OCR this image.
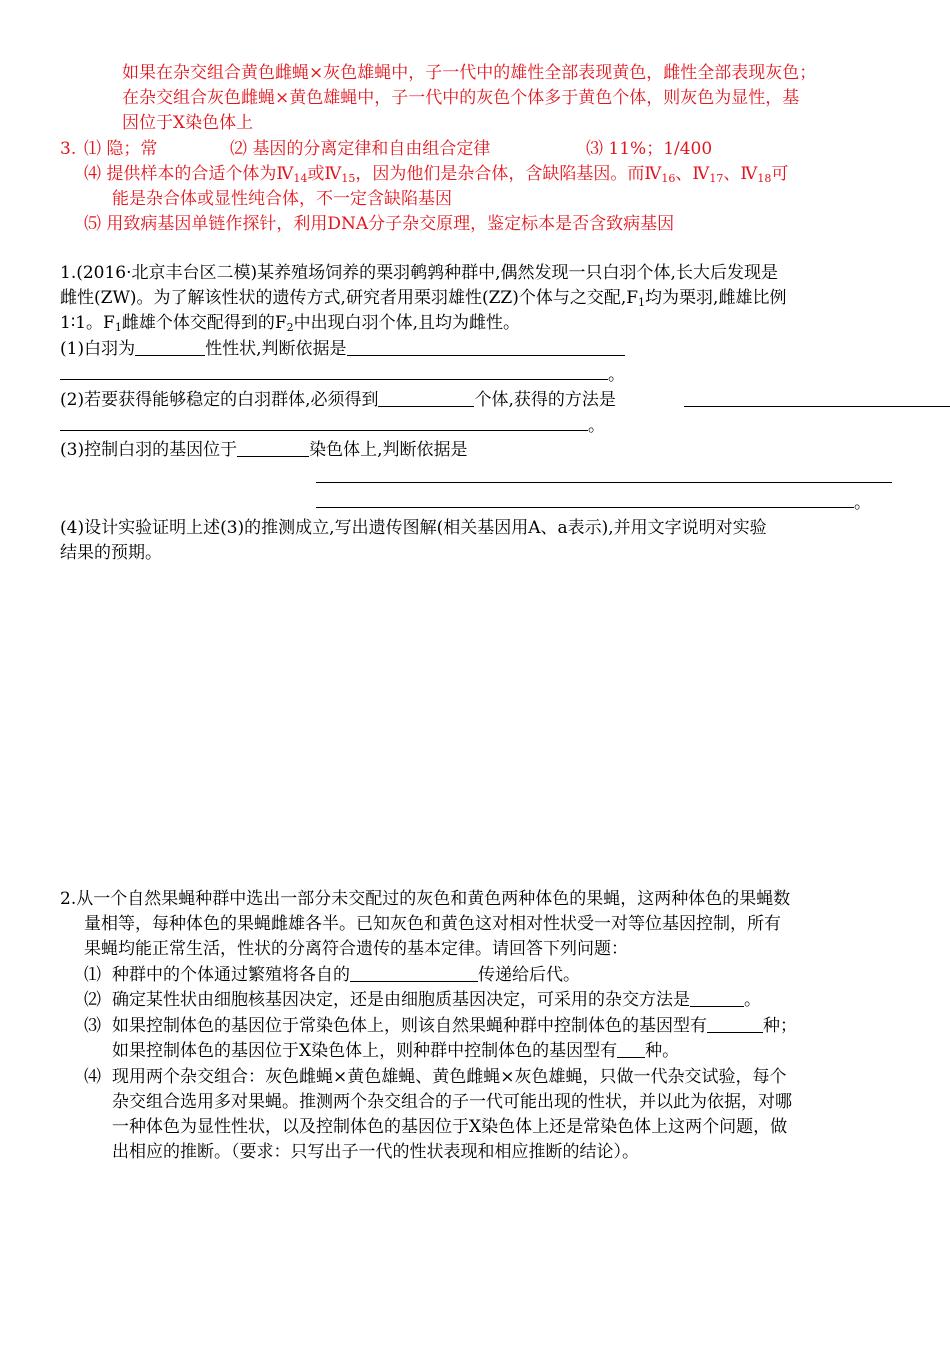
如果在杂交组合黄色雌蝇×灰色雄蝇中，子一代中的雄性全部表现黄色，雌性全部表现灰色；
在杂交组合灰色雌蝇×黄色雄蝇中，子一代中的灰色个体多于黄色个体，则灰色为显性，基
因位于X染色体上
3. ⑴ 隐；常	⑵ 基因的分离定律和自由组合定律	⑶ 11%；1/400
⑷ 提供样本的合适个体为$Ⅳ_{14}$或$Ⅳ_{15}$，因为他们是杂合体，含缺陷基因。而$Ⅳ_{16}$、$Ⅳ_{17}$、$Ⅳ_{18}$可
能是杂合体或显性纯合体，不一定含缺陷基因
⑸ 用致病基因单链作探针，利用DNA分子杂交原理，鉴定标本是否含致病基因
1.(2016·北京丰台区二模)某养殖场饲养的栗羽鹌鹑种群中,偶然发现一只白羽个体,长大后发现是
雌性(ZW)。为了解该性状的遗传方式,研究者用栗羽雄性(ZZ)个体与之交配$,F_1$均为栗羽,雌雄比例
1∶1。$F_1$雌雄个体交配得到的$F_2$中出现白羽个体,且均为雌性。
(1)白羽为	性性状,判断依据是
。
(2)若要获得能够稳定的白羽群体,必须得到	个体,获得的方法是
。
(3)控制白羽的基因位于	染色体上,判断依据是
。
(4)设计实验证明上述(3)的推测成立,写出遗传图解(相关基因用A、a表示),并用文字说明对实验
结果的预期。
2.从一个自然果蝇种群中选出一部分未交配过的灰色和黄色两种体色的果蝇，这两种体色的果蝇数
量相等，每种体色的果蝇雌雄各半。已知灰色和黄色这对相对性状受一对等位基因控制，所有
果蝇均能正常生活，性状的分离符合遗传的基本定律。请回答下列问题：
⑴ 种群中的个体通过繁殖将各自的	传递给后代。
⑵ 确定某性状由细胞核基因决定，还是由细胞质基因决定，可采用的杂交方法是	。
⑶ 如果控制体色的基因位于常染色体上，则该自然果蝇种群中控制体色的基因型有	种；
如果控制体色的基因位于X染色体上，则种群中控制体色的基因型有 种。
⑷ 现用两个杂交组合：灰色雌蝇×黄色雄蝇、黄色雌蝇×灰色雄蝇，只做一代杂交试验，每个
杂交组合选用多对果蝇。推测两个杂交组合的子一代可能出现的性状，并以此为依据，对哪
一种体色为显性性状，以及控制体色的基因位于X染色体上还是常染色体上这两个问题，做
出相应的推断。（要求：只写出子一代的性状表现和相应推断的结论）。
